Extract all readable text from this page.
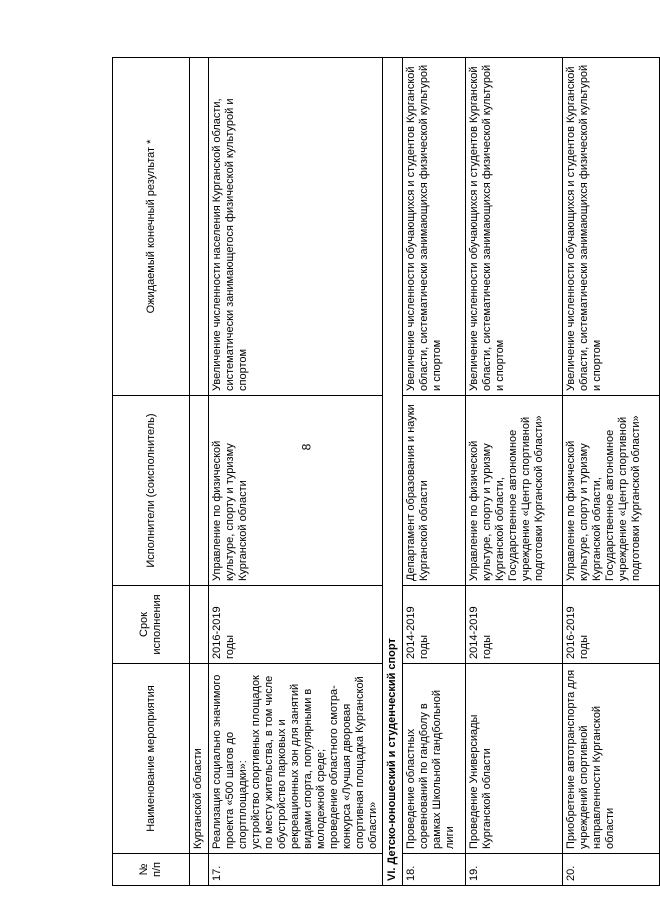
8
№
п/п	Наименование мероприятия	Срок
исполнения	Исполнители (соисполнитель)	Ожидаемый конечный результат *
	Курганской области			
17.	Реализация социально значимого проекта «500 шагов до спортплощадки»:
устройство спортивных площадок по месту жительства, в том числе обустройство парковых и рекреационных зон для занятий видами спорта, популярными в молодежной среде;
проведение областного смотра-конкурса «Лучшая дворовая спортивная площадка Курганской области»	2016-2019 годы	Управление по физической культуре, спорту и туризму Курганской области	Увеличение численности населения Курганской области, систематически занимающегося физической культурой и спортом
VI. Детско-юношеский и студенческий спорт				
18.	Проведение областных соревнований по гандболу в рамках Школьной гандбольной лиги	2014-2019 годы	Департамент образования и науки Курганской области	Увеличение численности обучающихся и студентов Курганской области, систематически занимающихся физической культурой и спортом
19.	Проведение Универсиады Курганской области	2014-2019 годы	Управление по физической культуре, спорту и туризму Курганской области, Государственное автономное учреждение «Центр спортивной подготовки Курганской области»	Увеличение численности обучающихся и студентов Курганской области, систематически занимающихся физической культурой и спортом
20.	Приобретение автотранспорта для учреждений спортивной направленности Курганской области	2016-2019 годы	Управление по физической культуре, спорту и туризму Курганской области, Государственное автономное учреждение «Центр спортивной подготовки Курганской области»	Увеличение численности обучающихся и студентов Курганской области, систематически занимающихся физической культурой и спортом
